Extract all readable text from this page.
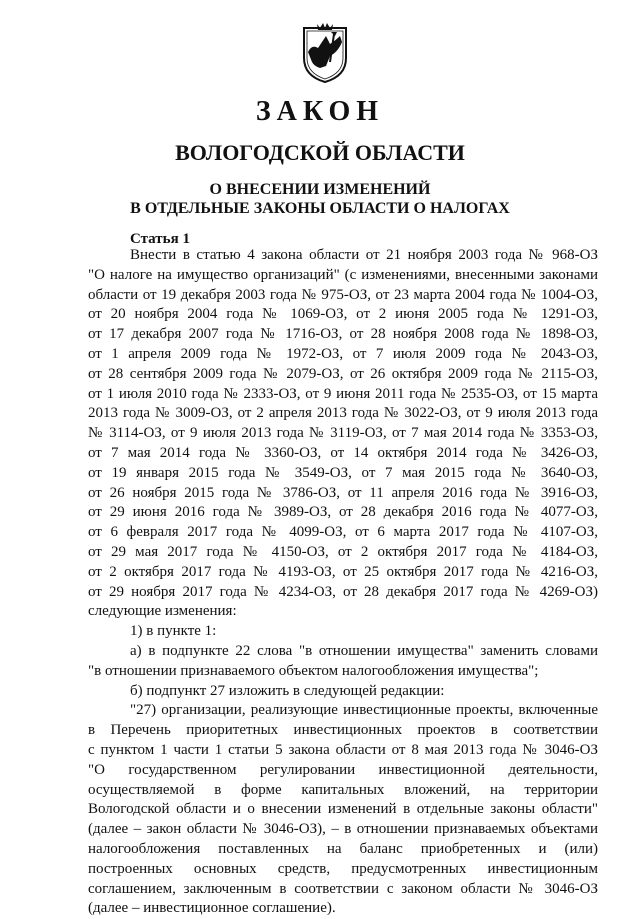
ЗАКОН
ВОЛОГОДСКОЙ ОБЛАСТИ
О ВНЕСЕНИИ ИЗМЕНЕНИЙ
В ОТДЕЛЬНЫЕ ЗАКОНЫ ОБЛАСТИ О НАЛОГАХ
Статья 1
Внести в статью 4 закона области от 21 ноября 2003 года № 968-ОЗ
"О налоге на имущество организаций" (с изменениями, внесенными законами
области от 19 декабря 2003 года № 975-ОЗ, от 23 марта 2004 года № 1004-ОЗ,
от 20 ноября 2004 года № 1069-ОЗ, от 2 июня 2005 года № 1291-ОЗ,
от 17 декабря 2007 года № 1716-ОЗ, от 28 ноября 2008 года № 1898-ОЗ,
от 1 апреля 2009 года № 1972-ОЗ, от 7 июля 2009 года № 2043-ОЗ,
от 28 сентября 2009 года № 2079-ОЗ, от 26 октября 2009 года № 2115-ОЗ,
от 1 июля 2010 года № 2333-ОЗ, от 9 июня 2011 года № 2535-ОЗ, от 15 марта
2013 года № 3009-ОЗ, от 2 апреля 2013 года № 3022-ОЗ, от 9 июля 2013 года
№ 3114-ОЗ, от 9 июля 2013 года № 3119-ОЗ, от 7 мая 2014 года № 3353-ОЗ,
от 7 мая 2014 года № 3360-ОЗ, от 14 октября 2014 года № 3426-ОЗ,
от 19 января 2015 года № 3549-ОЗ, от 7 мая 2015 года № 3640-ОЗ,
от 26 ноября 2015 года № 3786-ОЗ, от 11 апреля 2016 года № 3916-ОЗ,
от 29 июня 2016 года № 3989-ОЗ, от 28 декабря 2016 года № 4077-ОЗ,
от 6 февраля 2017 года № 4099-ОЗ, от 6 марта 2017 года № 4107-ОЗ,
от 29 мая 2017 года № 4150-ОЗ, от 2 октября 2017 года № 4184-ОЗ,
от 2 октября 2017 года № 4193-ОЗ, от 25 октября 2017 года № 4216-ОЗ,
от 29 ноября 2017 года № 4234-ОЗ, от 28 декабря 2017 года № 4269-ОЗ)
следующие изменения:
1) в пункте 1:
а) в подпункте 22 слова "в отношении имущества" заменить словами
"в отношении признаваемого объектом налогообложения имущества";
б) подпункт 27 изложить в следующей редакции:
"27) организации, реализующие инвестиционные проекты, включенные
в Перечень приоритетных инвестиционных проектов в соответствии
с пунктом 1 части 1 статьи 5 закона области от 8 мая 2013 года № 3046-ОЗ
"О государственном регулировании инвестиционной деятельности,
осуществляемой в форме капитальных вложений, на территории
Вологодской области и о внесении изменений в отдельные законы области"
(далее – закон области № 3046-ОЗ), – в отношении признаваемых объектами
налогообложения поставленных на баланс приобретенных и (или)
построенных основных средств, предусмотренных инвестиционным
соглашением, заключенным в соответствии с законом области № 3046-ОЗ
(далее – инвестиционное соглашение).
